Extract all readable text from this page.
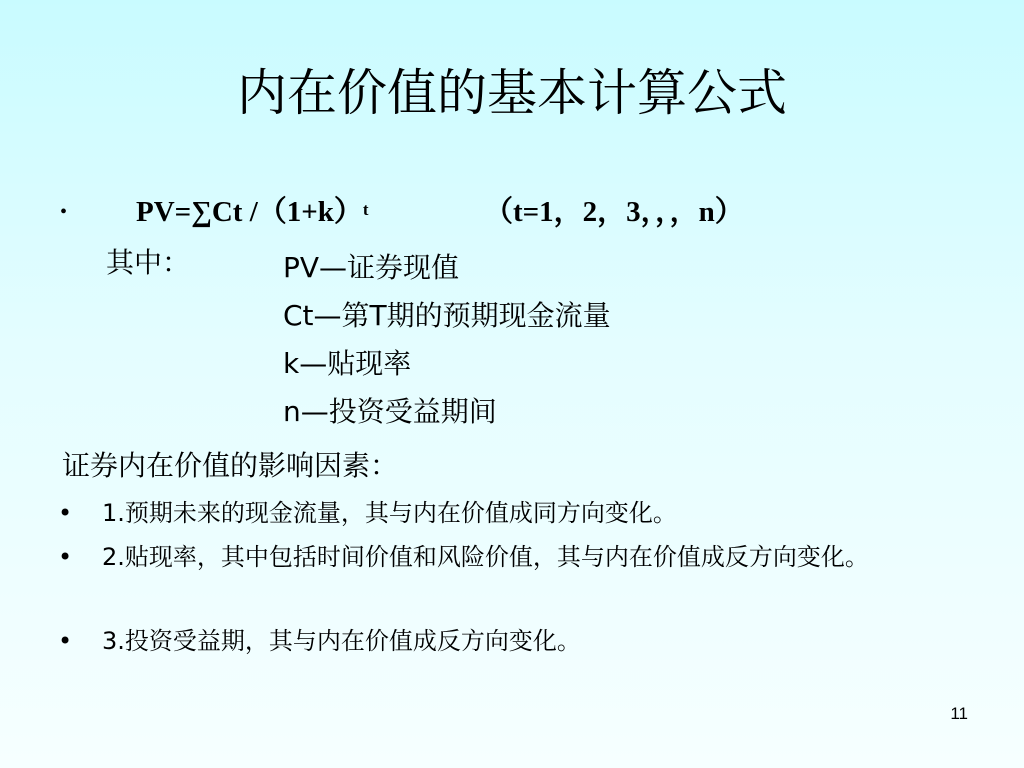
内在价值的基本计算公式
• PV=∑Ct $/(1+k)^t$	（t=1，2，3，，，n）
其中：	PV—证券现值
Ct—第T期的预期现金流量
k—贴现率
n—投资受益期间
证券内在价值的影响因素：
• 1.预期未来的现金流量，其与内在价值成同方向变化。
• 2.贴现率，其中包括时间价值和风险价值，其与内在价值成反方向变化。
• 3.投资受益期，其与内在价值成反方向变化。
11
